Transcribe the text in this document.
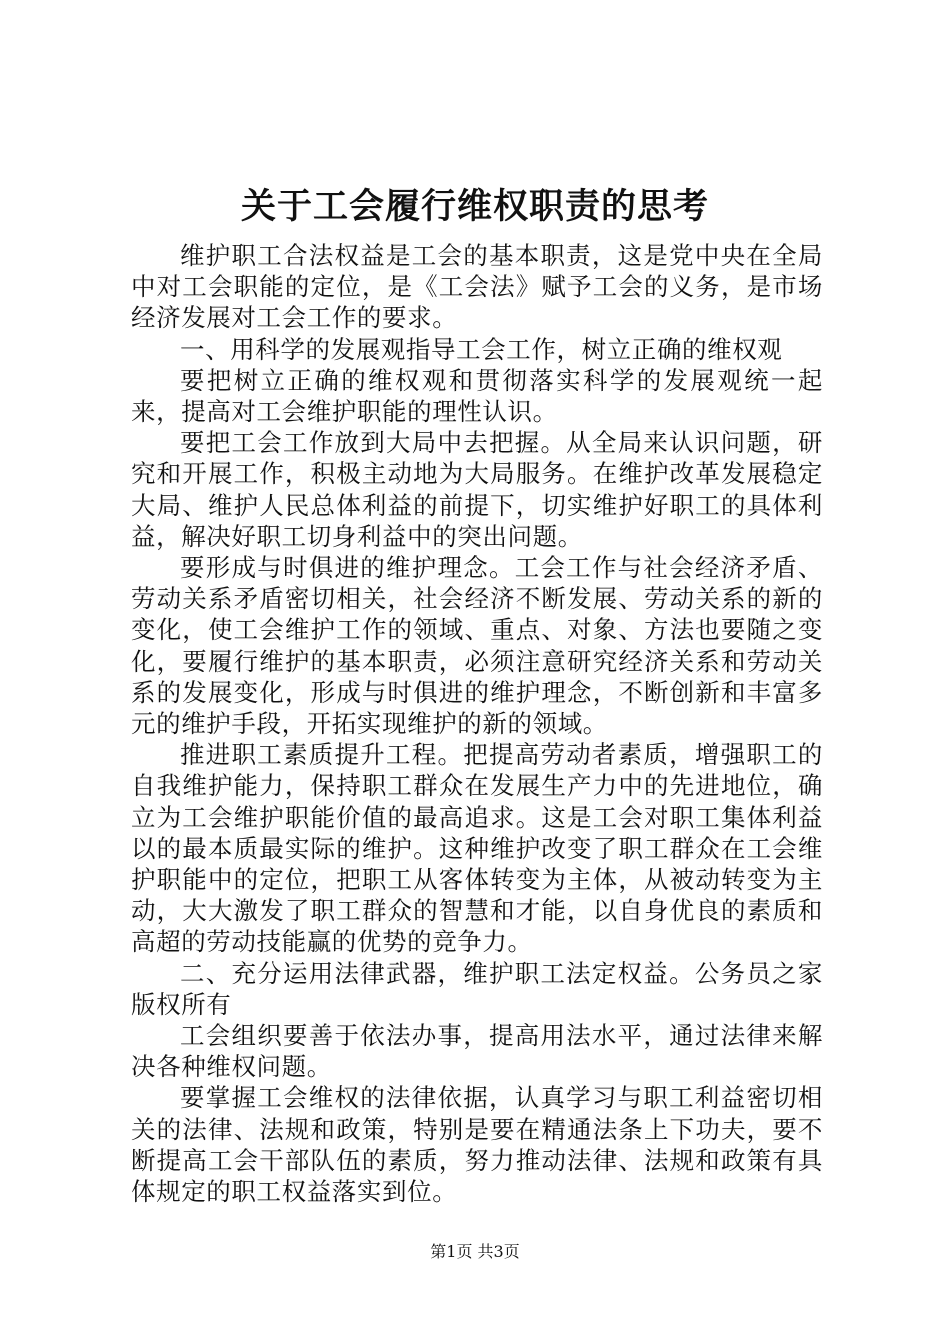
关于工会履行维权职责的思考

维护职工合法权益是工会的基本职责，这是党中央在全局中对工会职能的定位，是《工会法》赋予工会的义务，是市场经济发展对工会工作的要求。

一、用科学的发展观指导工会工作，树立正确的维权观

要把树立正确的维权观和贯彻落实科学的发展观统一起来，提高对工会维护职能的理性认识。

要把工会工作放到大局中去把握。从全局来认识问题，研究和开展工作，积极主动地为大局服务。在维护改革发展稳定大局、维护人民总体利益的前提下，切实维护好职工的具体利益，解决好职工切身利益中的突出问题。

要形成与时俱进的维护理念。工会工作与社会经济矛盾、劳动关系矛盾密切相关，社会经济不断发展、劳动关系的新的变化，使工会维护工作的领域、重点、对象、方法也要随之变化，要履行维护的基本职责，必须注意研究经济关系和劳动关系的发展变化，形成与时俱进的维护理念，不断创新和丰富多元的维护手段，开拓实现维护的新的领域。

推进职工素质提升工程。把提高劳动者素质，增强职工的自我维护能力，保持职工群众在发展生产力中的先进地位，确立为工会维护职能价值的最高追求。这是工会对职工集体利益以的最本质最实际的维护。这种维护改变了职工群众在工会维护职能中的定位，把职工从客体转变为主体，从被动转变为主动，大大激发了职工群众的智慧和才能，以自身优良的素质和高超的劳动技能赢的优势的竞争力。

二、充分运用法律武器，维护职工法定权益。公务员之家版权所有

工会组织要善于依法办事，提高用法水平，通过法律来解决各种维权问题。

要掌握工会维权的法律依据，认真学习与职工利益密切相关的法律、法规和政策，特别是要在精通法条上下功夫，要不断提高工会干部队伍的素质，努力推动法律、法规和政策有具体规定的职工权益落实到位。

第1页 共3页
